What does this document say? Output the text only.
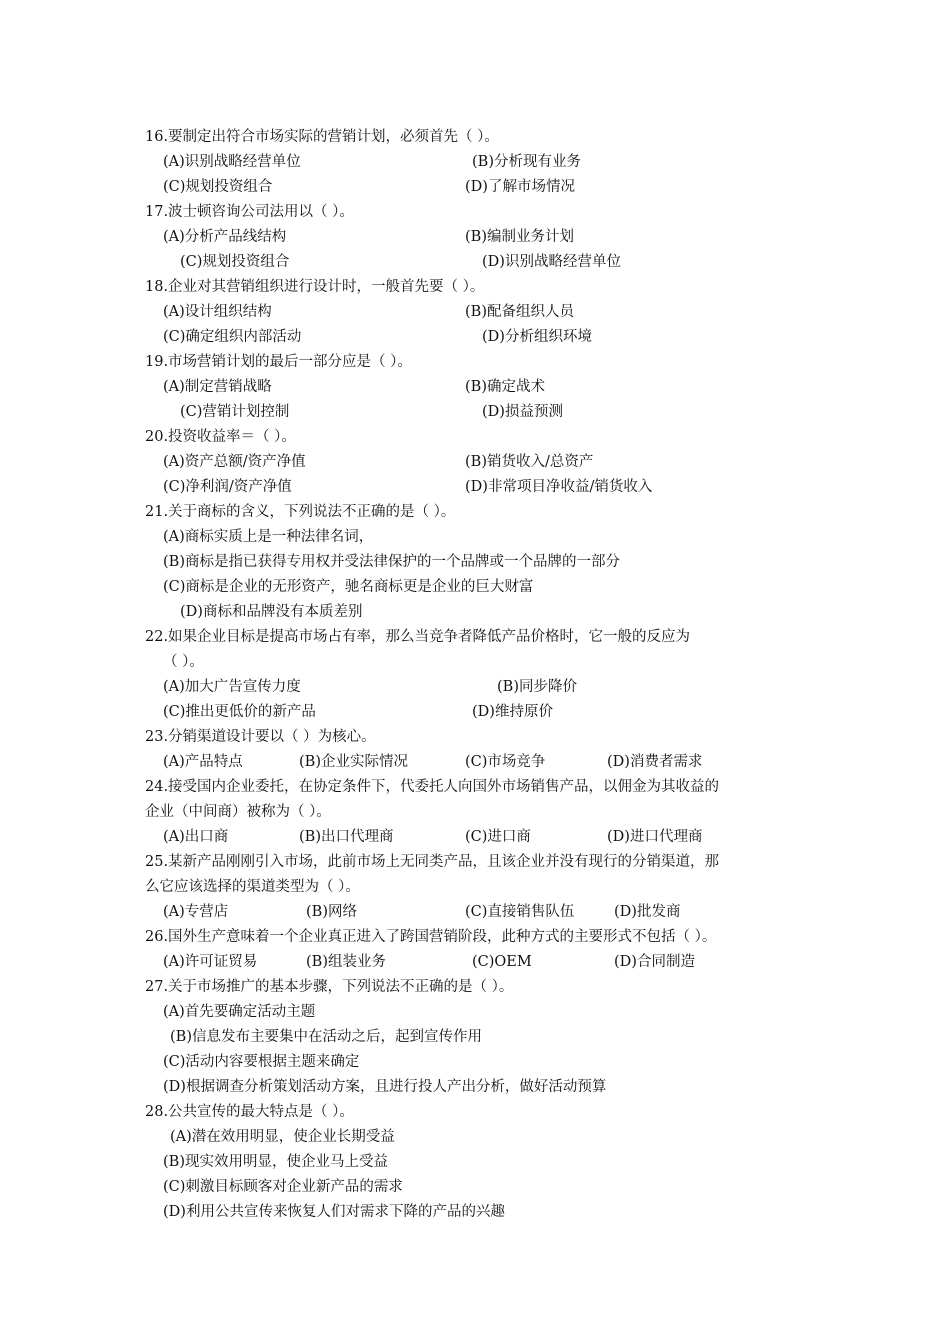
16.要制定出符合市场实际的营销计划，必须首先（ ）。
(A)识别战略经营单位	(B)分析现有业务
(C)规划投资组合	(D)了解市场情况
17.波士顿咨询公司法用以（ ）。
(A)分析产品线结构	(B)编制业务计划
(C)规划投资组合	(D)识别战略经营单位
18.企业对其营销组织进行设计时，一般首先要（ ）。
(A)设计组织结构	(B)配备组织人员
(C)确定组织内部活动	(D)分析组织环境
19.市场营销计划的最后一部分应是（ ）。
(A)制定营销战略	(B)确定战术
(C)营销计划控制	(D)损益预测
20.投资收益率＝（ ）。
(A)资产总额/资产净值	(B)销货收入/总资产
(C)净利润/资产净值	(D)非常项目净收益/销货收入
21.关于商标的含义，下列说法不正确的是（ ）。
(A)商标实质上是一种法律名词，
(B)商标是指已获得专用权并受法律保护的一个品牌或一个品牌的一部分
(C)商标是企业的无形资产，驰名商标更是企业的巨大财富
(D)商标和品牌没有本质差别
22.如果企业目标是提高市场占有率，那么当竞争者降低产品价格时，它一般的反应为
（ ）。
(A)加大广告宣传力度	(B)同步降价
(C)推出更低价的新产品	(D)维持原价
23.分销渠道设计要以（ ）为核心。
(A)产品特点	(B)企业实际情况	(C)市场竞争	(D)消费者需求
24.接受国内企业委托，在协定条件下，代委托人向国外市场销售产品，以佣金为其收益的
企业（中间商）被称为（ ）。
(A)出口商	(B)出口代理商	(C)进口商	(D)进口代理商
25.某新产品刚刚引入市场，此前市场上无同类产品，且该企业并没有现行的分销渠道，那
么它应该选择的渠道类型为（ ）。
(A)专营店	(B)网络	(C)直接销售队伍	(D)批发商
26.国外生产意味着一个企业真正进入了跨国营销阶段，此种方式的主要形式不包括（ ）。
(A)许可证贸易	(B)组装业务	(C)OEM	(D)合同制造
27.关于市场推广的基本步骤，下列说法不正确的是（ ）。
(A)首先要确定活动主题
(B)信息发布主要集中在活动之后，起到宣传作用
(C)活动内容要根据主题来确定
(D)根据调查分析策划活动方案，且进行投人产出分析，做好活动预算
28.公共宣传的最大特点是（ ）。
(A)潜在效用明显，使企业长期受益
(B)现实效用明显，使企业马上受益
(C)刺激目标顾客对企业新产品的需求
(D)利用公共宣传来恢复人们对需求下降的产品的兴趣
